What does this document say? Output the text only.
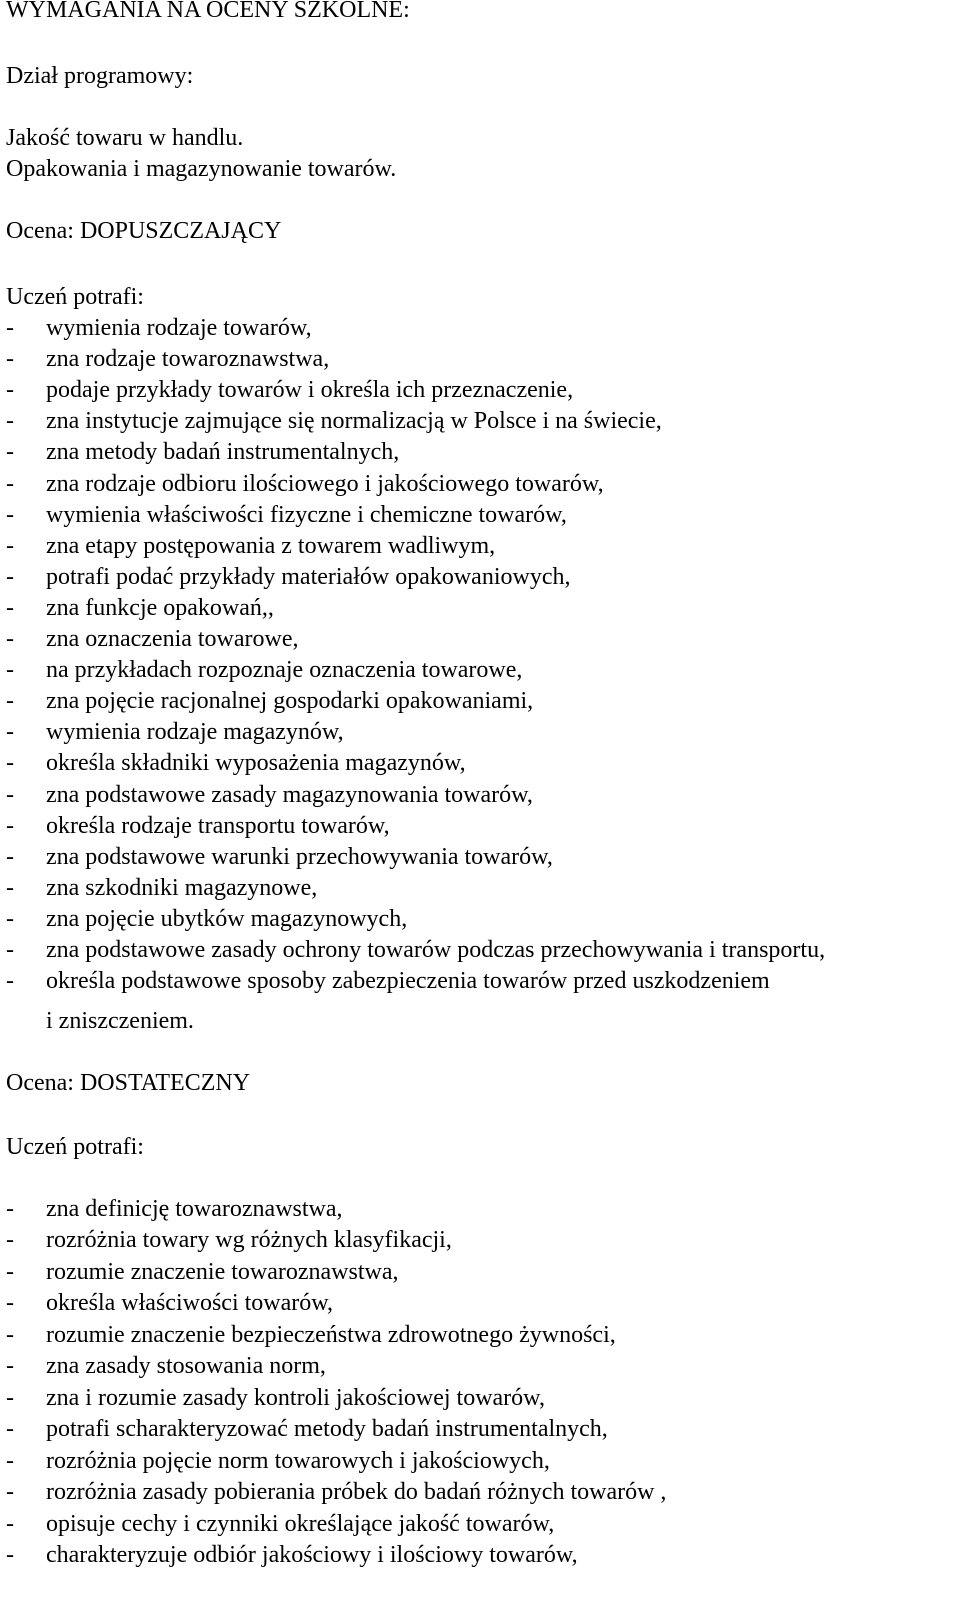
WYMAGANIA NA OCENY SZKOLNE:
Dział programowy:
Jakość towaru w handlu.
Opakowania i magazynowanie towarów.
Ocena: DOPUSZCZAJĄCY
Uczeń potrafi:
- wymienia rodzaje towarów,
- zna rodzaje towaroznawstwa,
- podaje przykłady towarów i określa ich przeznaczenie,
- zna instytucje zajmujące się normalizacją w Polsce i na świecie,
- zna metody badań instrumentalnych,
- zna rodzaje odbioru ilościowego i jakościowego towarów,
- wymienia właściwości fizyczne i chemiczne towarów,
- zna etapy postępowania z towarem wadliwym,
- potrafi podać przykłady materiałów opakowaniowych,
- zna funkcje opakowań,,
- zna oznaczenia towarowe,
- na przykładach rozpoznaje oznaczenia towarowe,
- zna pojęcie racjonalnej gospodarki opakowaniami,
- wymienia rodzaje magazynów,
- określa składniki wyposażenia magazynów,
- zna podstawowe zasady magazynowania towarów,
- określa rodzaje transportu towarów,
- zna podstawowe warunki przechowywania towarów,
- zna szkodniki magazynowe,
- zna pojęcie ubytków magazynowych,
- zna podstawowe zasady ochrony towarów podczas przechowywania i transportu,
- określa podstawowe sposoby zabezpieczenia towarów przed uszkodzeniem
i zniszczeniem.
Ocena: DOSTATECZNY
Uczeń potrafi:
- zna definicję towaroznawstwa,
- rozróżnia towary wg różnych klasyfikacji,
- rozumie znaczenie towaroznawstwa,
- określa właściwości towarów,
- rozumie znaczenie bezpieczeństwa zdrowotnego żywności,
- zna zasady stosowania norm,
- zna i rozumie zasady kontroli jakościowej towarów,
- potrafi scharakteryzować metody badań instrumentalnych,
- rozróżnia pojęcie norm towarowych i jakościowych,
- rozróżnia zasady pobierania próbek do badań różnych towarów ,
- opisuje cechy i czynniki określające jakość towarów,
- charakteryzuje odbiór jakościowy i ilościowy towarów,
